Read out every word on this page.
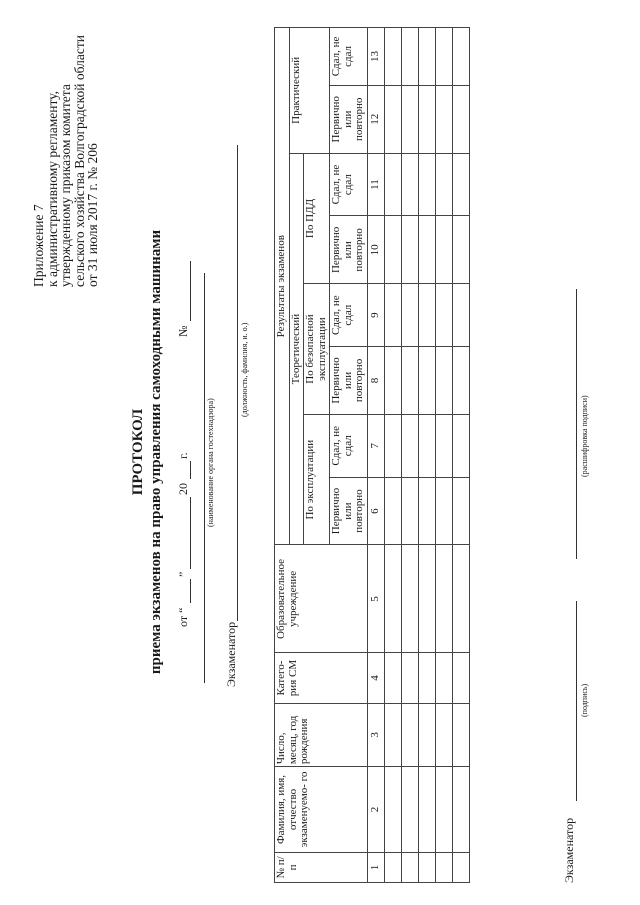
Приложение 7
к административному регламенту,
утвержденному приказом комитета
сельского хозяйства Волгоградской области
от 31 июля 2017 г. № 206
ПРОТОКОЛ приема экзаменов на право управления самоходными машинами от “
”
20
г.
№
(наименование органа гостехнадзора)
Экзаменатор
(должность, фамилия, и. о.)
№ п/п	Фамилия, имя, отчество экзаменуемо- го	Число, месяц, год рождения	Катего- рия СМ	Образовательное учреждение	Результаты экзаменов							
					Теоретический						Практический	
					По эксплуатации		По безопасной эксплуатации		По ПДД			
					Первично или повторно	Сдал, не сдал	Первично или повторно	Сдал, не сдал	Первично или повторно	Сдал, не сдал	Первично или повторно	Сдал, не сдал
1	2	3	4	5	6	7	8	9	10	11	12	13

Экзаменатор
(подпись)
(расшифровка подписи)
